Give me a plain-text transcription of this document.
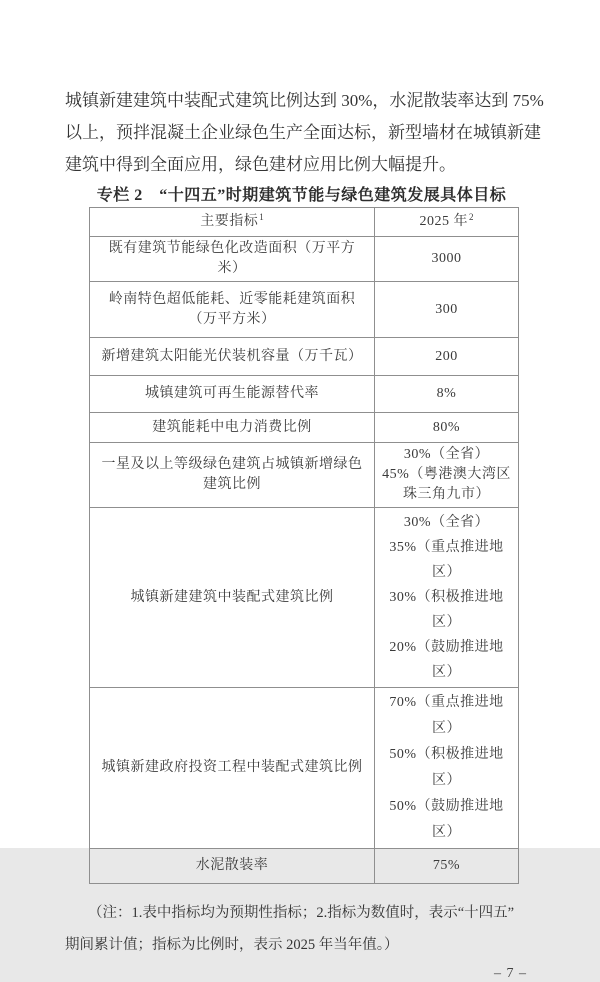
城镇新建建筑中装配式建筑比例达到 30%，水泥散装率达到 75%
以上，预拌混凝土企业绿色生产全面达标，新型墙材在城镇新建
建筑中得到全面应用，绿色建材应用比例大幅提升。
专栏 2　“十四五”时期建筑节能与绿色建筑发展具体目标
主要指标$^1$	2025 年$^2$
既有建筑节能绿色化改造面积（万平方米）	3000
岭南特色超低能耗、近零能耗建筑面积（万平方米）	300
新增建筑太阳能光伏装机容量（万千瓦）	200
城镇建筑可再生能源替代率	8%
建筑能耗中电力消费比例	80%
一星及以上等级绿色建筑占城镇新增绿色建筑比例	30%（全省）
45%（粤港澳大湾区珠三角九市）

城镇新建建筑中装配式建筑比例	30%（全省）
35%（重点推进地区）
30%（积极推进地区）
20%（鼓励推进地区）

城镇新建政府投资工程中装配式建筑比例	70%（重点推进地区）
50%（积极推进地区）
50%（鼓励推进地区）

水泥散装率	75%
（注：1.表中指标均为预期性指标；2.指标为数值时，表示“十四五”
期间累计值；指标为比例时，表示 2025 年当年值。）
– 7 –
